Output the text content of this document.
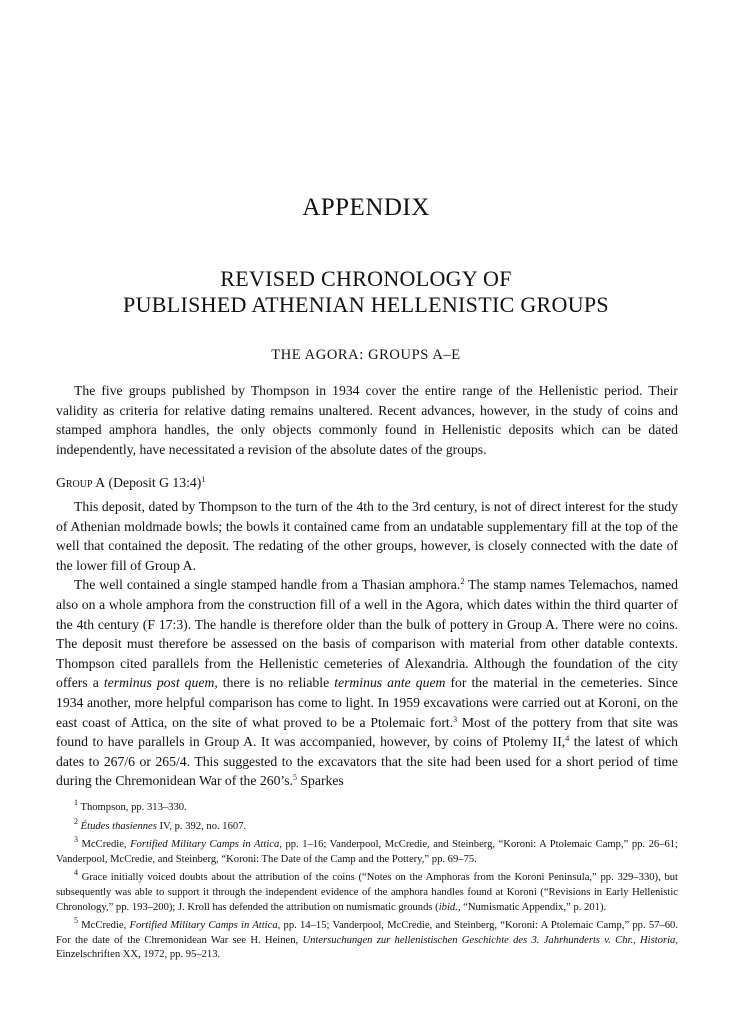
APPENDIX
REVISED CHRONOLOGY OF
PUBLISHED ATHENIAN HELLENISTIC GROUPS
THE AGORA: GROUPS A–E

The five groups published by Thompson in 1934 cover the entire range of the Hellenistic period. Their validity as criteria for relative dating remains unaltered. Recent advances, however, in the study of coins and stamped amphora handles, the only objects commonly found in Hellenistic deposits which can be dated independently, have necessitated a revision of the absolute dates of the groups.

Group A (Deposit G 13:4)$^1$

This deposit, dated by Thompson to the turn of the 4th to the 3rd century, is not of direct interest for the study of Athenian moldmade bowls; the bowls it contained came from an undatable supplementary fill at the top of the well that contained the deposit. The redating of the other groups, however, is closely connected with the date of the lower fill of Group A.

The well contained a single stamped handle from a Thasian amphora.$^2$ The stamp names Telemachos, named also on a whole amphora from the construction fill of a well in the Agora, which dates within the third quarter of the 4th century (F 17:3). The handle is therefore older than the bulk of pottery in Group A. There were no coins. The deposit must therefore be assessed on the basis of comparison with material from other datable contexts. Thompson cited parallels from the Hellenistic cemeteries of Alexandria. Although the foundation of the city offers a terminus post quem, there is no reliable terminus ante quem for the material in the cemeteries. Since 1934 another, more helpful comparison has come to light. In 1959 excavations were carried out at Koroni, on the east coast of Attica, on the site of what proved to be a Ptolemaic fort.$^3$ Most of the pottery from that site was found to have parallels in Group A. It was accompanied, however, by coins of Ptolemy II,$^4$ the latest of which dates to 267/6 or 265/4. This suggested to the excavators that the site had been used for a short period of time during the Chremonidean War of the 260’s.$^5$ Sparkes

$^1$ Thompson, pp. 313–330.

$^2$ Études thasiennes IV, p. 392, no. 1607.

$^3$ McCredie, Fortified Military Camps in Attica, pp. 1–16; Vanderpool, McCredie, and Steinberg, “Koroni: A Ptolemaic Camp,” pp. 26–61; Vanderpool, McCredie, and Steinberg, “Koroni: The Date of the Camp and the Pottery,” pp. 69–75.

$^4$ Grace initially voiced doubts about the attribution of the coins (“Notes on the Amphoras from the Koroni Peninsula,” pp. 329–330), but subsequently was able to support it through the independent evidence of the amphora handles found at Koroni (“Revisions in Early Hellenistic Chronology,” pp. 193–200); J. Kroll has defended the attribution on numismatic grounds (ibid., “Numismatic Appendix,” p. 201).

$^5$ McCredie, Fortified Military Camps in Attica, pp. 14–15; Vanderpool, McCredie, and Steinberg, “Koroni: A Ptolemaic Camp,” pp. 57–60. For the date of the Chremonidean War see H. Heinen, Untersuchungen zur hellenistischen Geschichte des 3. Jahrhunderts v. Chr., Historia, Einzelschriften XX, 1972, pp. 95–213.
